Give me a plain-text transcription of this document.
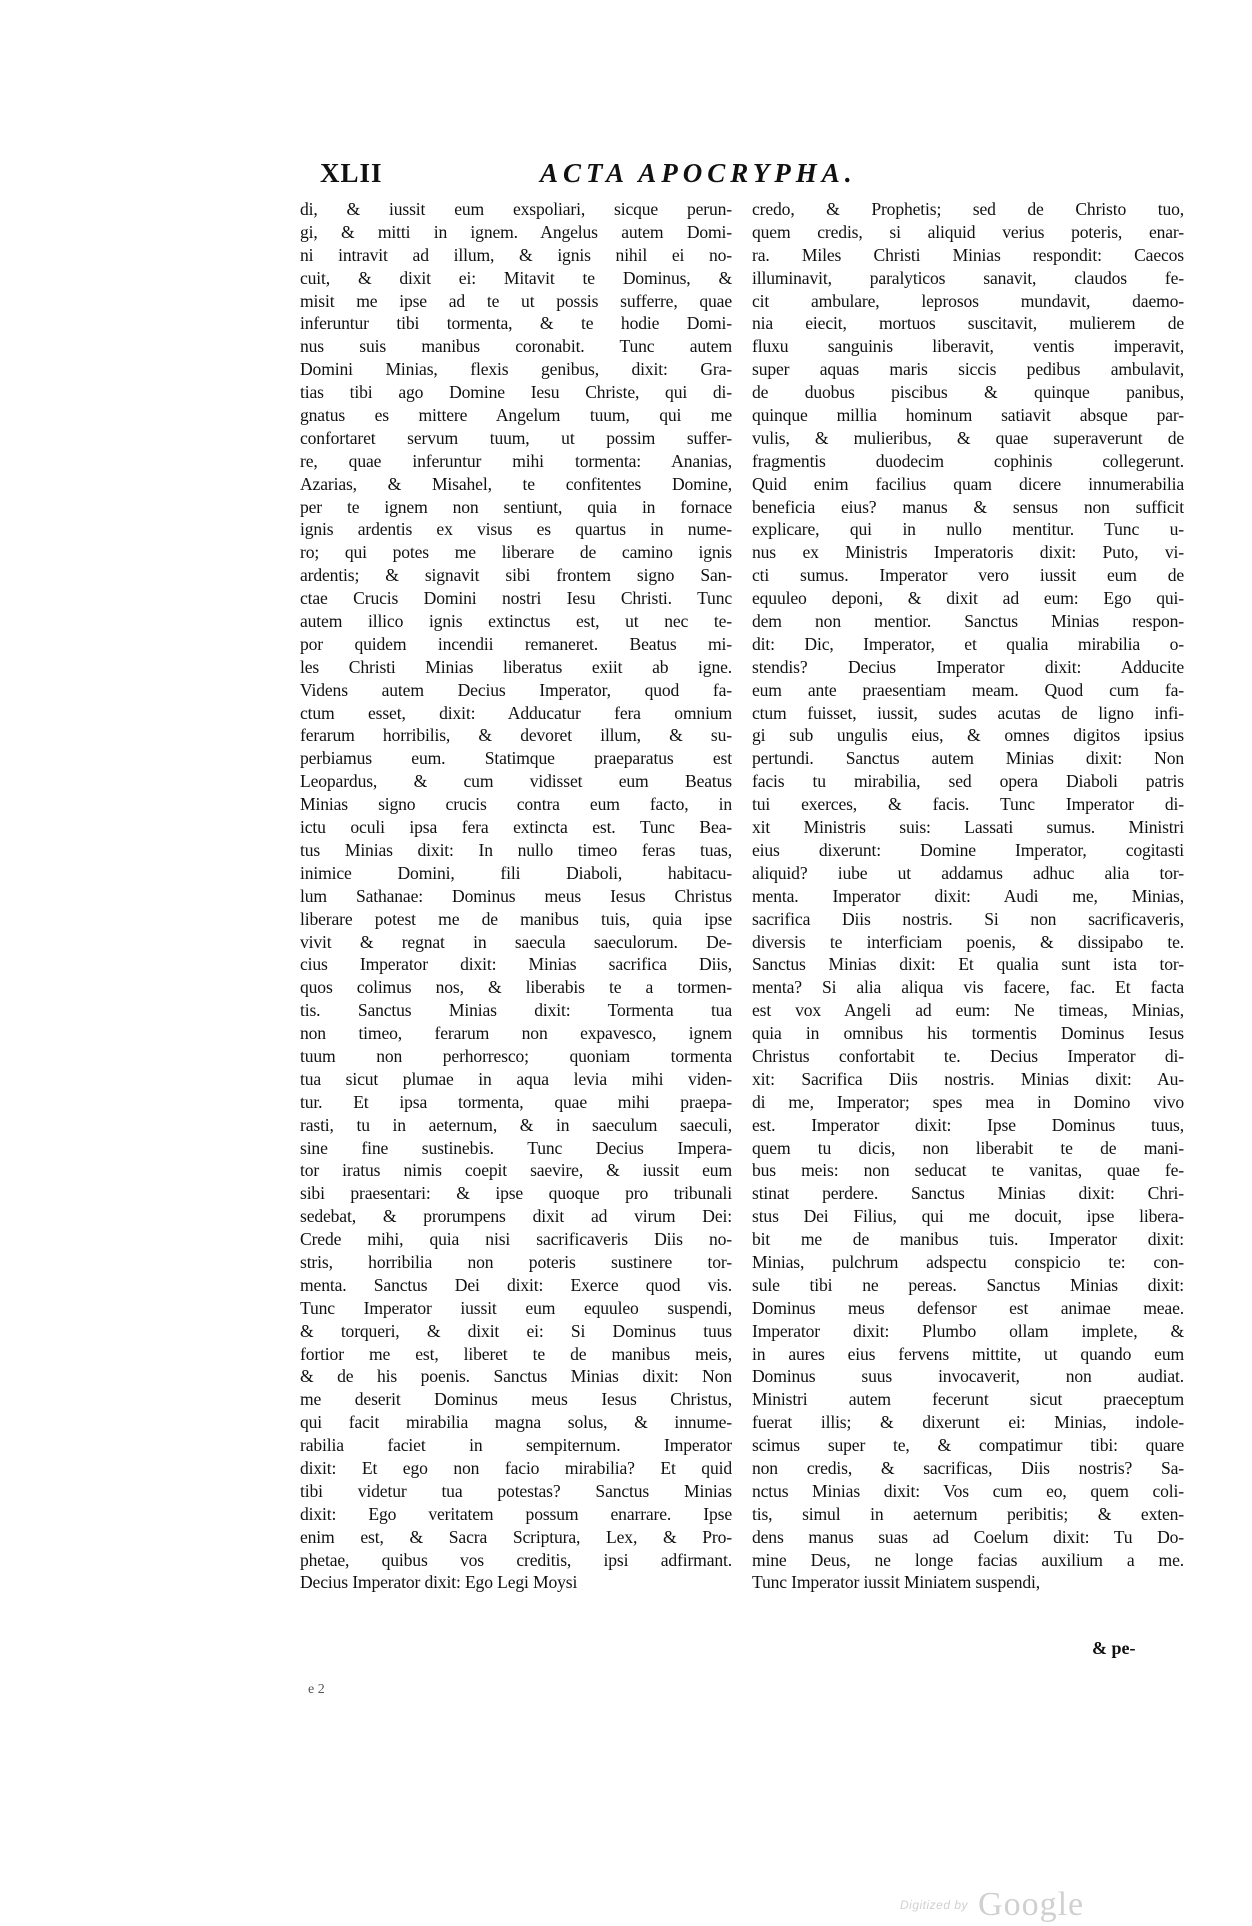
XLII	ACTA APOCRYPHA.
di, & iussit eum exspoliari, sicque perun-
gi, & mitti in ignem. Angelus autem Domi-
ni intravit ad illum, & ignis nihil ei no-
cuit, & dixit ei: Mitavit te Dominus, &
misit me ipse ad te ut possis sufferre, quae
inferuntur tibi tormenta, & te hodie Domi-
nus suis manibus coronabit. Tunc autem
Domini Minias, flexis genibus, dixit: Gra-
tias tibi ago Domine Iesu Christe, qui di-
gnatus es mittere Angelum tuum, qui me
confortaret servum tuum, ut possim suffer-
re, quae inferuntur mihi tormenta: Ananias,
Azarias, & Misahel, te confitentes Domine,
per te ignem non sentiunt, quia in fornace
ignis ardentis ex visus es quartus in nume-
ro; qui potes me liberare de camino ignis
ardentis; & signavit sibi frontem signo San-
ctae Crucis Domini nostri Iesu Christi. Tunc
autem illico ignis extinctus est, ut nec te-
por quidem incendii remaneret. Beatus mi-
les Christi Minias liberatus exiit ab igne.
Videns autem Decius Imperator, quod fa-
ctum esset, dixit: Adducatur fera omnium
ferarum horribilis, & devoret illum, & su-
perbiamus eum. Statimque praeparatus est
Leopardus, & cum vidisset eum Beatus
Minias signo crucis contra eum facto, in
ictu oculi ipsa fera extincta est. Tunc Bea-
tus Minias dixit: In nullo timeo feras tuas,
inimice Domini, fili Diaboli, habitacu-
lum Sathanae: Dominus meus Iesus Christus
liberare potest me de manibus tuis, quia ipse
vivit & regnat in saecula saeculorum. De-
cius Imperator dixit: Minias sacrifica Diis,
quos colimus nos, & liberabis te a tormen-
tis. Sanctus Minias dixit: Tormenta tua
non timeo, ferarum non expavesco, ignem
tuum non perhorresco; quoniam tormenta
tua sicut plumae in aqua levia mihi viden-
tur. Et ipsa tormenta, quae mihi praepa-
rasti, tu in aeternum, & in saeculum saeculi,
sine fine sustinebis. Tunc Decius Impera-
tor iratus nimis coepit saevire, & iussit eum
sibi praesentari: & ipse quoque pro tribunali
sedebat, & prorumpens dixit ad virum Dei:
Crede mihi, quia nisi sacrificaveris Diis no-
stris, horribilia non poteris sustinere tor-
menta. Sanctus Dei dixit: Exerce quod vis.
Tunc Imperator iussit eum equuleo suspendi,
& torqueri, & dixit ei: Si Dominus tuus
fortior me est, liberet te de manibus meis,
& de his poenis. Sanctus Minias dixit: Non
me deserit Dominus meus Iesus Christus,
qui facit mirabilia magna solus, & innume-
rabilia faciet in sempiternum. Imperator
dixit: Et ego non facio mirabilia? Et quid
tibi videtur tua potestas? Sanctus Minias
dixit: Ego veritatem possum enarrare. Ipse
enim est, & Sacra Scriptura, Lex, & Pro-
phetae, quibus vos creditis, ipsi adfirmant.
Decius Imperator dixit: Ego Legi Moysi
credo, & Prophetis; sed de Christo tuo,
quem credis, si aliquid verius poteris, enar-
ra. Miles Christi Minias respondit: Caecos
illuminavit, paralyticos sanavit, claudos fe-
cit ambulare, leprosos mundavit, daemo-
nia eiecit, mortuos suscitavit, mulierem de
fluxu sanguinis liberavit, ventis imperavit,
super aquas maris siccis pedibus ambulavit,
de duobus piscibus & quinque panibus,
quinque millia hominum satiavit absque par-
vulis, & mulieribus, & quae superaverunt de
fragmentis duodecim cophinis collegerunt.
Quid enim facilius quam dicere innumerabilia
beneficia eius? manus & sensus non sufficit
explicare, qui in nullo mentitur. Tunc u-
nus ex Ministris Imperatoris dixit: Puto, vi-
cti sumus. Imperator vero iussit eum de
equuleo deponi, & dixit ad eum: Ego qui-
dem non mentior. Sanctus Minias respon-
dit: Dic, Imperator, et qualia mirabilia o-
stendis? Decius Imperator dixit: Adducite
eum ante praesentiam meam. Quod cum fa-
ctum fuisset, iussit, sudes acutas de ligno infi-
gi sub ungulis eius, & omnes digitos ipsius
pertundi. Sanctus autem Minias dixit: Non
facis tu mirabilia, sed opera Diaboli patris
tui exerces, & facis. Tunc Imperator di-
xit Ministris suis: Lassati sumus. Ministri
eius dixerunt: Domine Imperator, cogitasti
aliquid? iube ut addamus adhuc alia tor-
menta. Imperator dixit: Audi me, Minias,
sacrifica Diis nostris. Si non sacrificaveris,
diversis te interficiam poenis, & dissipabo te.
Sanctus Minias dixit: Et qualia sunt ista tor-
menta? Si alia aliqua vis facere, fac. Et facta
est vox Angeli ad eum: Ne timeas, Minias,
quia in omnibus his tormentis Dominus Iesus
Christus confortabit te. Decius Imperator di-
xit: Sacrifica Diis nostris. Minias dixit: Au-
di me, Imperator; spes mea in Domino vivo
est. Imperator dixit: Ipse Dominus tuus,
quem tu dicis, non liberabit te de mani-
bus meis: non seducat te vanitas, quae fe-
stinat perdere. Sanctus Minias dixit: Chri-
stus Dei Filius, qui me docuit, ipse libera-
bit me de manibus tuis. Imperator dixit:
Minias, pulchrum adspectu conspicio te: con-
sule tibi ne pereas. Sanctus Minias dixit:
Dominus meus defensor est animae meae.
Imperator dixit: Plumbo ollam implete, &
in aures eius fervens mittite, ut quando eum
Dominus suus invocaverit, non audiat.
Ministri autem fecerunt sicut praeceptum
fuerat illis; & dixerunt ei: Minias, indole-
scimus super te, & compatimur tibi: quare
non credis, & sacrificas, Diis nostris? Sa-
nctus Minias dixit: Vos cum eo, quem coli-
tis, simul in aeternum peribitis; & exten-
dens manus suas ad Coelum dixit: Tu Do-
mine Deus, ne longe facias auxilium a me.
Tunc Imperator iussit Miniatem suspendi,
& pe-
e 2
Digitized by Google
